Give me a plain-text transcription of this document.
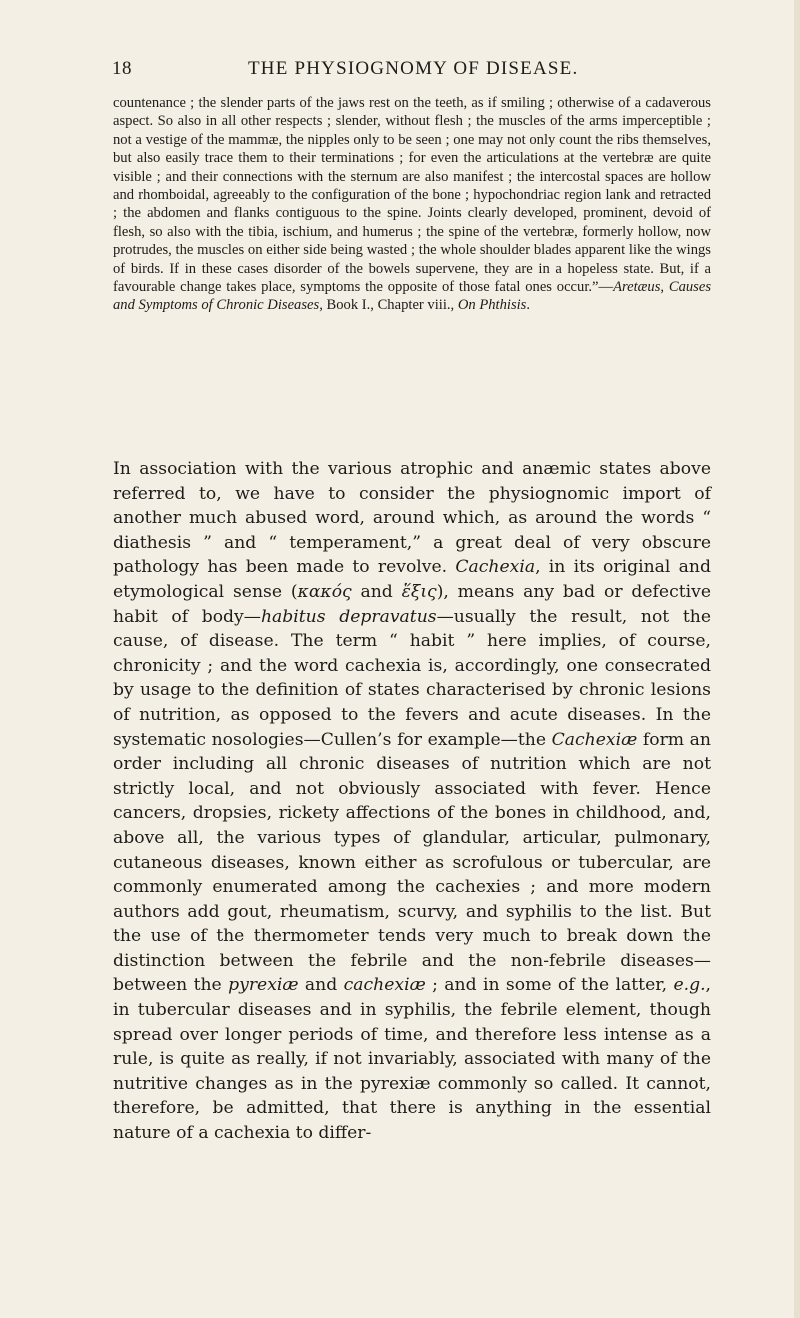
18	THE PHYSIOGNOMY OF DISEASE.

countenance ; the slender parts of the jaws rest on the teeth, as if smiling ; otherwise of a cadaverous aspect. So also in all other respects ; slender, without flesh ; the muscles of the arms imperceptible ; not a vestige of the mammæ, the nipples only to be seen ; one may not only count the ribs themselves, but also easily trace them to their terminations ; for even the articulations at the vertebræ are quite visible ; and their connections with the sternum are also manifest ; the intercostal spaces are hollow and rhomboidal, agreeably to the configuration of the bone ; hypochondriac region lank and retracted ; the abdomen and flanks contiguous to the spine. Joints clearly developed, prominent, devoid of flesh, so also with the tibia, ischium, and humerus ; the spine of the vertebræ, formerly hollow, now protrudes, the muscles on either side being wasted ; the whole shoulder blades apparent like the wings of birds. If in these cases disorder of the bowels supervene, they are in a hopeless state. But, if a favourable change takes place, symptoms the opposite of those fatal ones occur.”—Aretæus, Causes and Symptoms of Chronic Diseases, Book I., Chapter viii., On Phthisis.

In association with the various atrophic and anæmic states above referred to, we have to consider the physiognomic import of another much abused word, around which, as around the words “ diathesis ” and “ temperament,” a great deal of very obscure pathology has been made to revolve. Cachexia, in its original and etymological sense (κακός and ἕξις), means any bad or defective habit of body—habitus depravatus—usually the result, not the cause, of disease. The term “ habit ” here implies, of course, chronicity ; and the word cachexia is, accordingly, one consecrated by usage to the definition of states characterised by chronic lesions of nutrition, as opposed to the fevers and acute diseases. In the systematic nosologies—Cullen’s for example—the Cachexiæ form an order including all chronic diseases of nutrition which are not strictly local, and not obviously associated with fever. Hence cancers, dropsies, rickety affections of the bones in childhood, and, above all, the various types of glandular, articular, pulmonary, cutaneous diseases, known either as scrofulous or tubercular, are commonly enumerated among the cachexies ; and more modern authors add gout, rheumatism, scurvy, and syphilis to the list. But the use of the thermometer tends very much to break down the distinction between the febrile and the non-febrile diseases—between the pyrexiæ and cachexiæ ; and in some of the latter, e.g., in tubercular diseases and in syphilis, the febrile element, though spread over longer periods of time, and therefore less intense as a rule, is quite as really, if not invariably, associated with many of the nutritive changes as in the pyrexiæ commonly so called. It cannot, therefore, be admitted, that there is anything in the essential nature of a cachexia to differ-
